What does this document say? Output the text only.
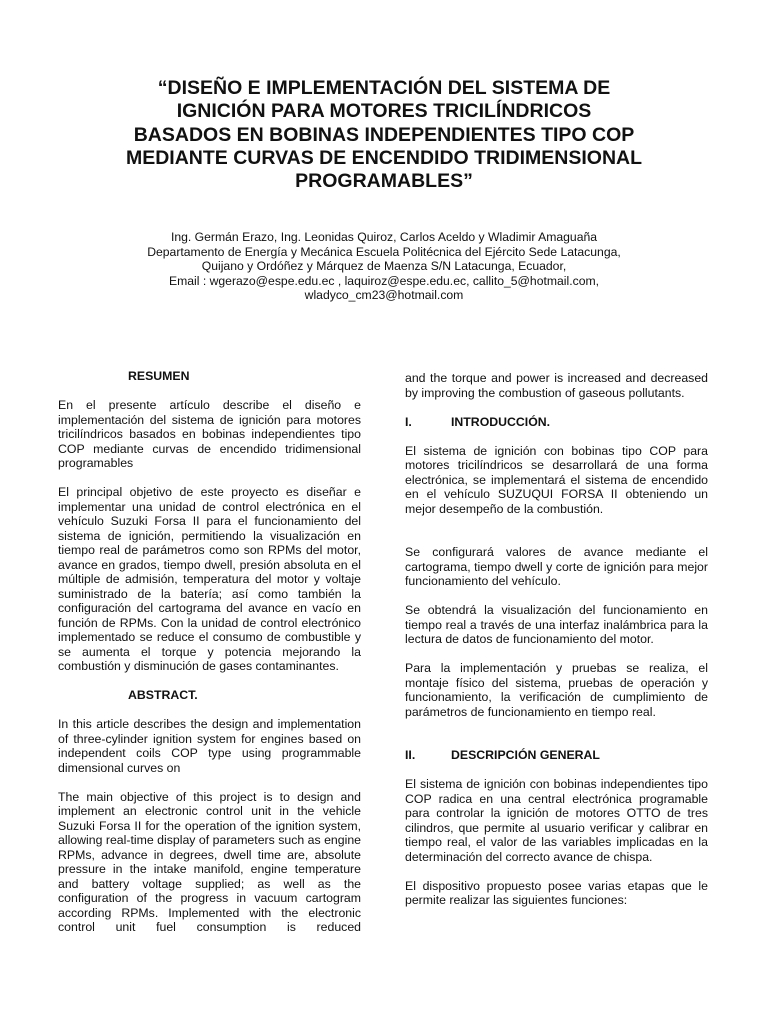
“DISEÑO E IMPLEMENTACIÓN DEL SISTEMA DE
IGNICIÓN PARA MOTORES TRICILÍNDRICOS
BASADOS EN BOBINAS INDEPENDIENTES TIPO COP
MEDIANTE CURVAS DE ENCENDIDO TRIDIMENSIONAL
PROGRAMABLES”
Ing. Germán Erazo, Ing. Leonidas Quiroz, Carlos Aceldo y Wladimir Amaguaña
Departamento de Energía y Mecánica Escuela Politécnica del Ejército Sede Latacunga,
Quijano y Ordóñez y Márquez de Maenza S/N Latacunga, Ecuador,
Email : wgerazo@espe.edu.ec , laquiroz@espe.edu.ec, callito_5@hotmail.com,
wladyco_cm23@hotmail.com
RESUMEN

En el presente artículo describe el diseño e implementación del sistema de ignición para motores tricilíndricos basados en bobinas independientes tipo COP mediante curvas de encendido tridimensional programables

El principal objetivo de este proyecto es diseñar e implementar una unidad de control electrónica en el vehículo Suzuki Forsa II para el funcionamiento del sistema de ignición, permitiendo la visualización en tiempo real de parámetros como son RPMs del motor, avance en grados, tiempo dwell, presión absoluta en el múltiple de admisión, temperatura del motor y voltaje suministrado de la batería; así como también la configuración del cartograma del avance en vacío en función de RPMs. Con la unidad de control electrónico implementado se reduce el consumo de combustible y se aumenta el torque y potencia mejorando la combustión y disminución de gases contaminantes.

ABSTRACT.

In this article describes the design and implementation of three-cylinder ignition system for engines based on independent coils COP type using programmable dimensional curves on

The main objective of this project is to design and implement an electronic control unit in the vehicle Suzuki Forsa II for the operation of the ignition system, allowing real-time display of parameters such as engine RPMs, advance in degrees, dwell time are, absolute pressure in the intake manifold, engine temperature and battery voltage supplied; as well as the configuration of the progress in vacuum cartogram according RPMs. Implemented with the electronic control unit fuel consumption is reduced

and the torque and power is increased and decreased by improving the combustion of gaseous pollutants.

I.	INTRODUCCIÓN.

El sistema de ignición con bobinas tipo COP para motores tricilíndricos se desarrollará de una forma electrónica, se implementará el sistema de encendido en el vehículo SUZUQUI FORSA II obteniendo un mejor desempeño de la combustión.

Se configurará valores de avance mediante el cartograma, tiempo dwell y corte de ignición para mejor funcionamiento del vehículo.

Se obtendrá la visualización del funcionamiento en tiempo real a través de una interfaz inalámbrica para la lectura de datos de funcionamiento del motor.

Para la implementación y pruebas se realiza, el montaje físico del sistema, pruebas de operación y funcionamiento, la verificación de cumplimiento de parámetros de funcionamiento en tiempo real.

II.	DESCRIPCIÓN GENERAL

El sistema de ignición con bobinas independientes tipo COP radica en una central electrónica programable para controlar la ignición de motores OTTO de tres cilindros, que permite al usuario verificar y calibrar en tiempo real, el valor de las variables implicadas en la determinación del correcto avance de chispa.

El dispositivo propuesto posee varias etapas que le permite realizar las siguientes funciones:
